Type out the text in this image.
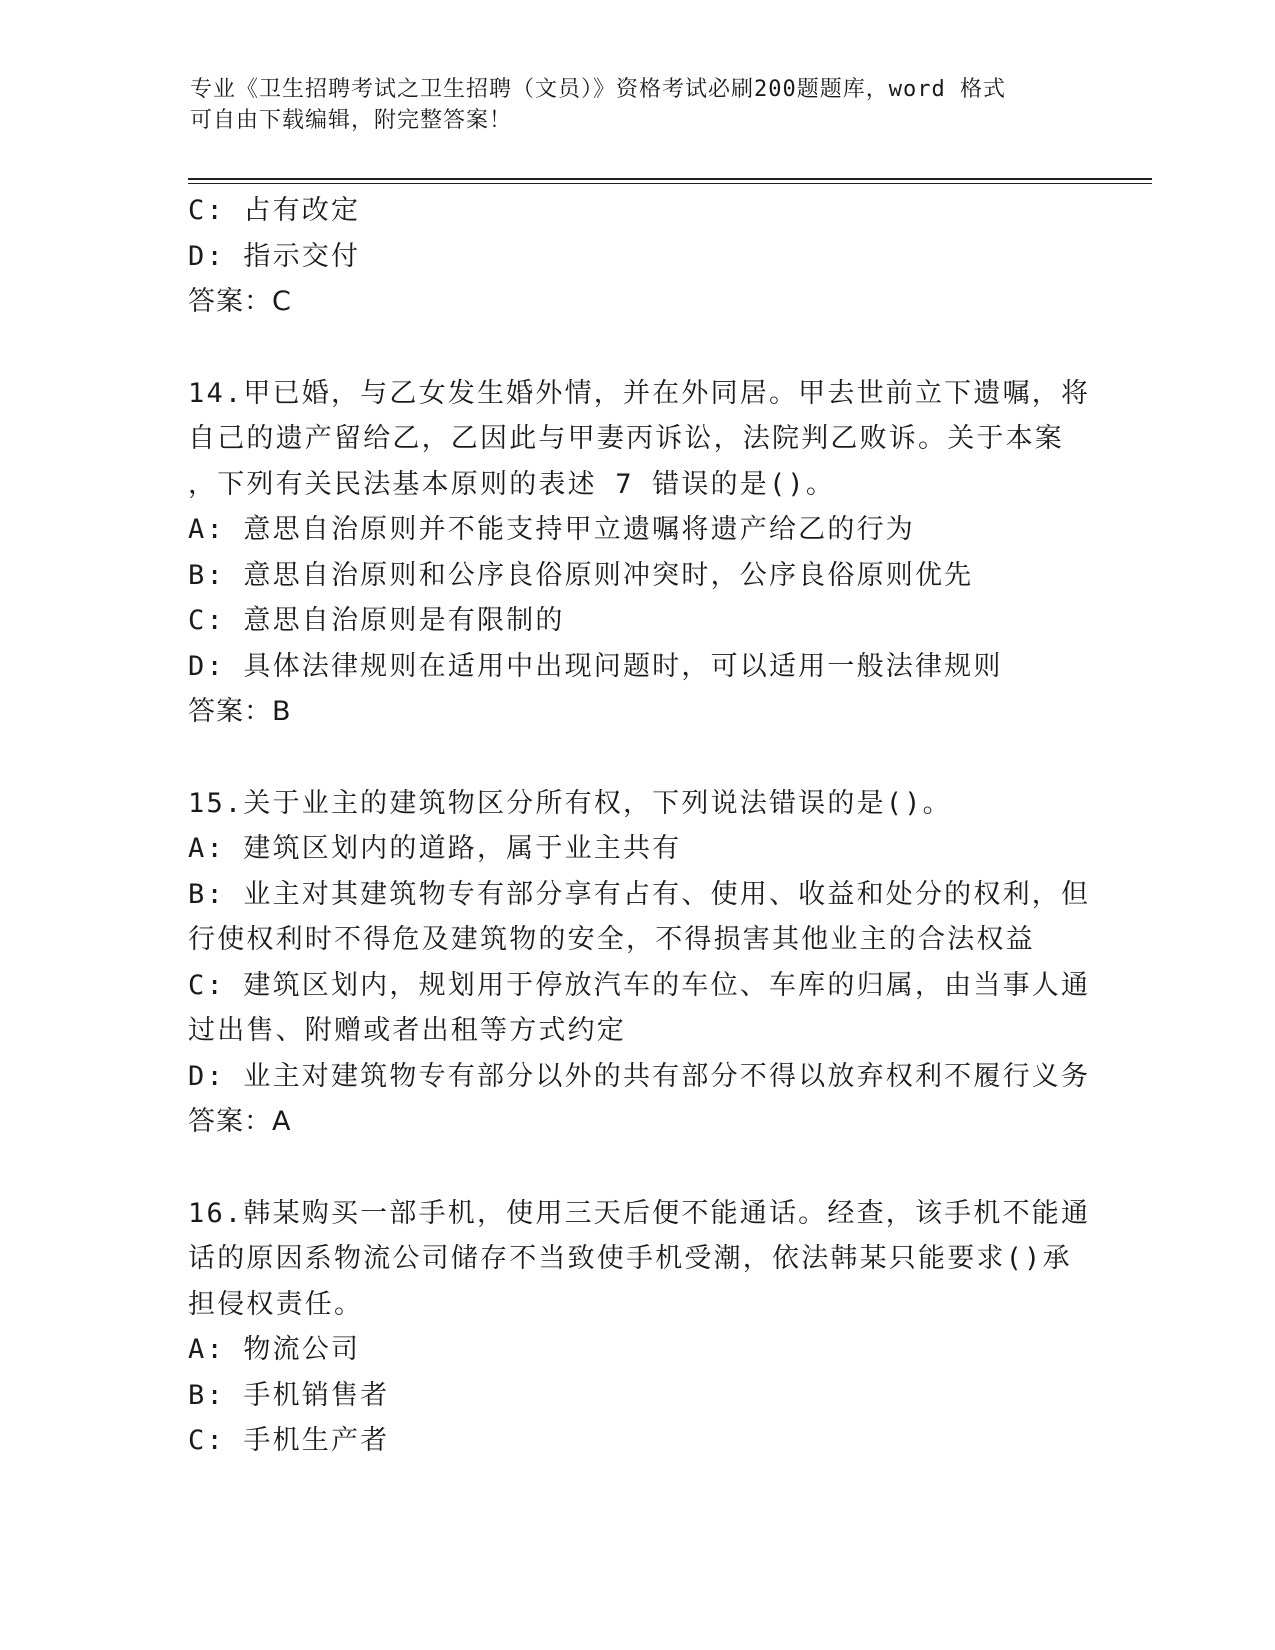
专业《卫生招聘考试之卫生招聘（文员）》资格考试必刷200题题库，word 格式
可自由下载编辑，附完整答案！
C: 占有改定
D: 指示交付
答案：C
14.甲已婚，与乙女发生婚外情，并在外同居。甲去世前立下遗嘱，将
自己的遗产留给乙，乙因此与甲妻丙诉讼，法院判乙败诉。关于本案
，下列有关民法基本原则的表述 7 错误的是()。
A: 意思自治原则并不能支持甲立遗嘱将遗产给乙的行为
B: 意思自治原则和公序良俗原则冲突时，公序良俗原则优先
C: 意思自治原则是有限制的
D: 具体法律规则在适用中出现问题时，可以适用一般法律规则
答案：B
15.关于业主的建筑物区分所有权，下列说法错误的是()。
A: 建筑区划内的道路，属于业主共有
B: 业主对其建筑物专有部分享有占有、使用、收益和处分的权利，但
行使权利时不得危及建筑物的安全，不得损害其他业主的合法权益
C: 建筑区划内，规划用于停放汽车的车位、车库的归属，由当事人通
过出售、附赠或者出租等方式约定
D: 业主对建筑物专有部分以外的共有部分不得以放弃权利不履行义务
答案：A
16.韩某购买一部手机，使用三天后便不能通话。经查，该手机不能通
话的原因系物流公司储存不当致使手机受潮，依法韩某只能要求()承
担侵权责任。
A: 物流公司
B: 手机销售者
C: 手机生产者
